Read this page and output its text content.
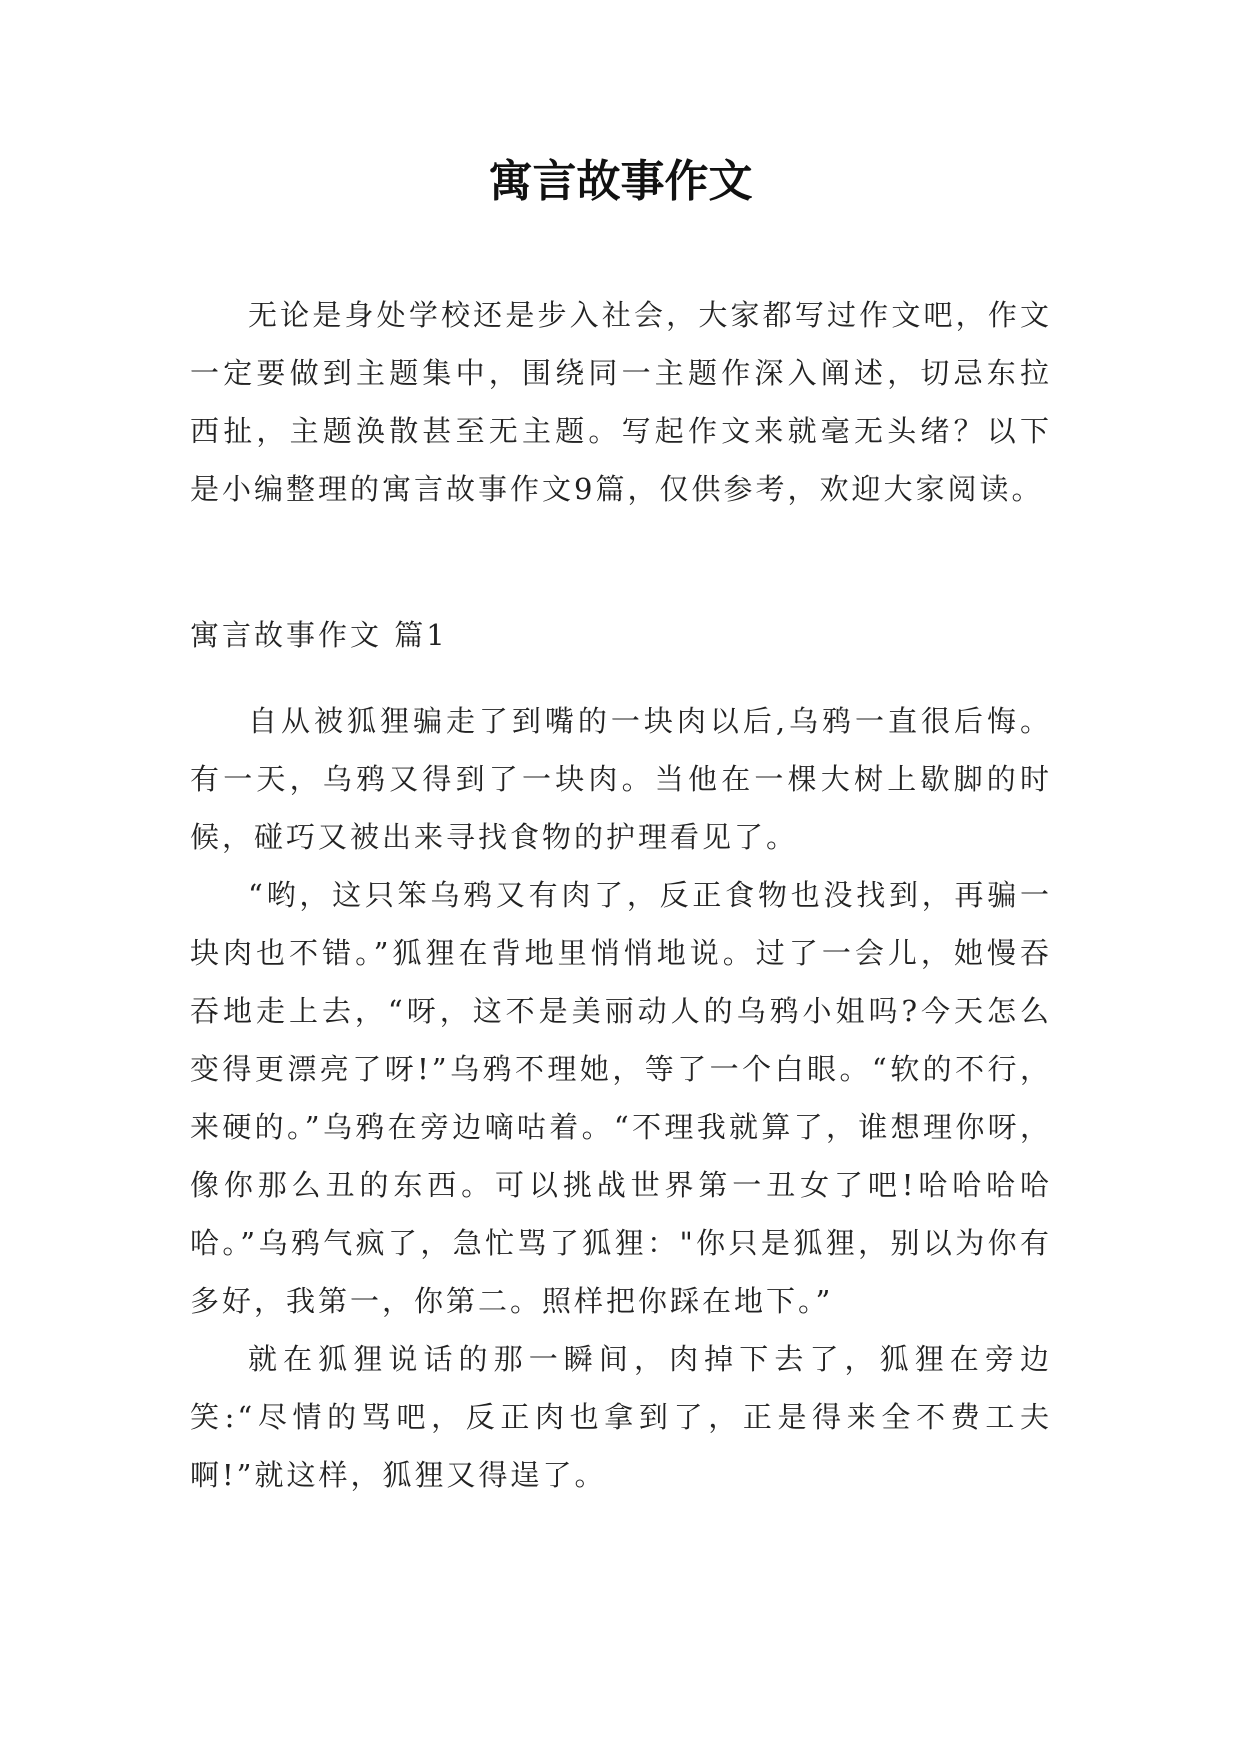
寓言故事作文

无论是身处学校还是步入社会，大家都写过作文吧，作文一定要做到主题集中，围绕同一主题作深入阐述，切忌东拉西扯，主题涣散甚至无主题。写起作文来就毫无头绪？以下是小编整理的寓言故事作文9篇，仅供参考，欢迎大家阅读。

寓言故事作文 篇1

自从被狐狸骗走了到嘴的一块肉以后,乌鸦一直很后悔。有一天，乌鸦又得到了一块肉。当他在一棵大树上歇脚的时候，碰巧又被出来寻找食物的护理看见了。

“哟，这只笨乌鸦又有肉了，反正食物也没找到，再骗一块肉也不错。”狐狸在背地里悄悄地说。过了一会儿，她慢吞吞地走上去，“呀，这不是美丽动人的乌鸦小姐吗?今天怎么变得更漂亮了呀!”乌鸦不理她，等了一个白眼。“软的不行，来硬的。”乌鸦在旁边嘀咕着。“不理我就算了，谁想理你呀，像你那么丑的东西。可以挑战世界第一丑女了吧!哈哈哈哈哈。”乌鸦气疯了，急忙骂了狐狸："你只是狐狸，别以为你有多好，我第一，你第二。照样把你踩在地下。”

就在狐狸说话的那一瞬间，肉掉下去了，狐狸在旁边笑:“尽情的骂吧，反正肉也拿到了，正是得来全不费工夫啊!”就这样，狐狸又得逞了。
